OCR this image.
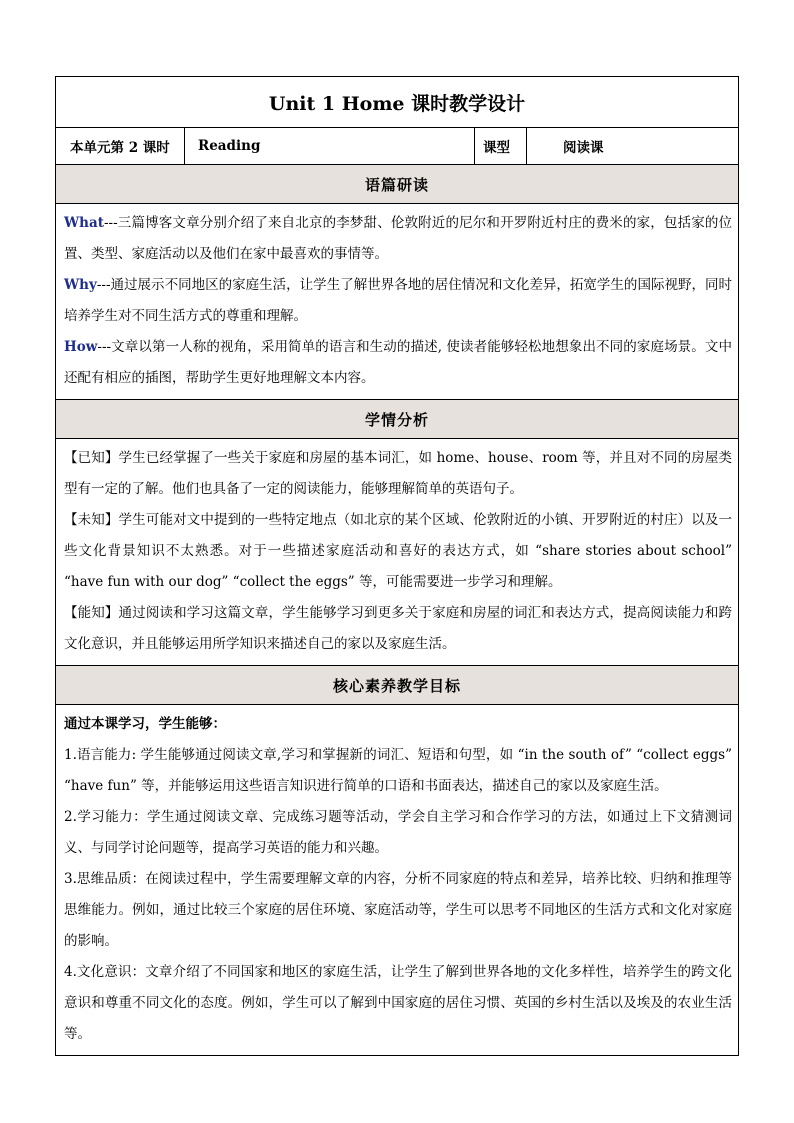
Unit 1 Home 课时教学设计
本单元第 2 课时	Reading	课型	阅读课
语篇研读

What---三篇博客文章分别介绍了来自北京的李梦甜、伦敦附近的尼尔和开罗附近村庄的费米的家，包括家的位置、类型、家庭活动以及他们在家中最喜欢的事情等。

Why---通过展示不同地区的家庭生活，让学生了解世界各地的居住情况和文化差异，拓宽学生的国际视野，同时培养学生对不同生活方式的尊重和理解。

How---文章以第一人称的视角，采用简单的语言和生动的描述, 使读者能够轻松地想象出不同的家庭场景。文中还配有相应的插图，帮助学生更好地理解文本内容。

学情分析

【已知】学生已经掌握了一些关于家庭和房屋的基本词汇，如 home、house、room 等，并且对不同的房屋类型有一定的了解。他们也具备了一定的阅读能力，能够理解简单的英语句子。

【未知】学生可能对文中提到的一些特定地点（如北京的某个区域、伦敦附近的小镇、开罗附近的村庄）以及一些文化背景知识不太熟悉。对于一些描述家庭活动和喜好的表达方式，如 “share stories about school” “have fun with our dog” “collect the eggs” 等，可能需要进一步学习和理解。

【能知】通过阅读和学习这篇文章，学生能够学习到更多关于家庭和房屋的词汇和表达方式，提高阅读能力和跨文化意识，并且能够运用所学知识来描述自己的家以及家庭生活。

核心素养教学目标

通过本课学习，学生能够：

1.语言能力: 学生能够通过阅读文章,学习和掌握新的词汇、短语和句型，如 “in the south of” “collect eggs” “have fun” 等，并能够运用这些语言知识进行简单的口语和书面表达，描述自己的家以及家庭生活。

2.学习能力：学生通过阅读文章、完成练习题等活动，学会自主学习和合作学习的方法，如通过上下文猜测词义、与同学讨论问题等，提高学习英语的能力和兴趣。

3.思维品质：在阅读过程中，学生需要理解文章的内容，分析不同家庭的特点和差异，培养比较、归纳和推理等思维能力。例如，通过比较三个家庭的居住环境、家庭活动等，学生可以思考不同地区的生活方式和文化对家庭的影响。

4.文化意识：文章介绍了不同国家和地区的家庭生活，让学生了解到世界各地的文化多样性，培养学生的跨文化意识和尊重不同文化的态度。例如，学生可以了解到中国家庭的居住习惯、英国的乡村生活以及埃及的农业生活等。
